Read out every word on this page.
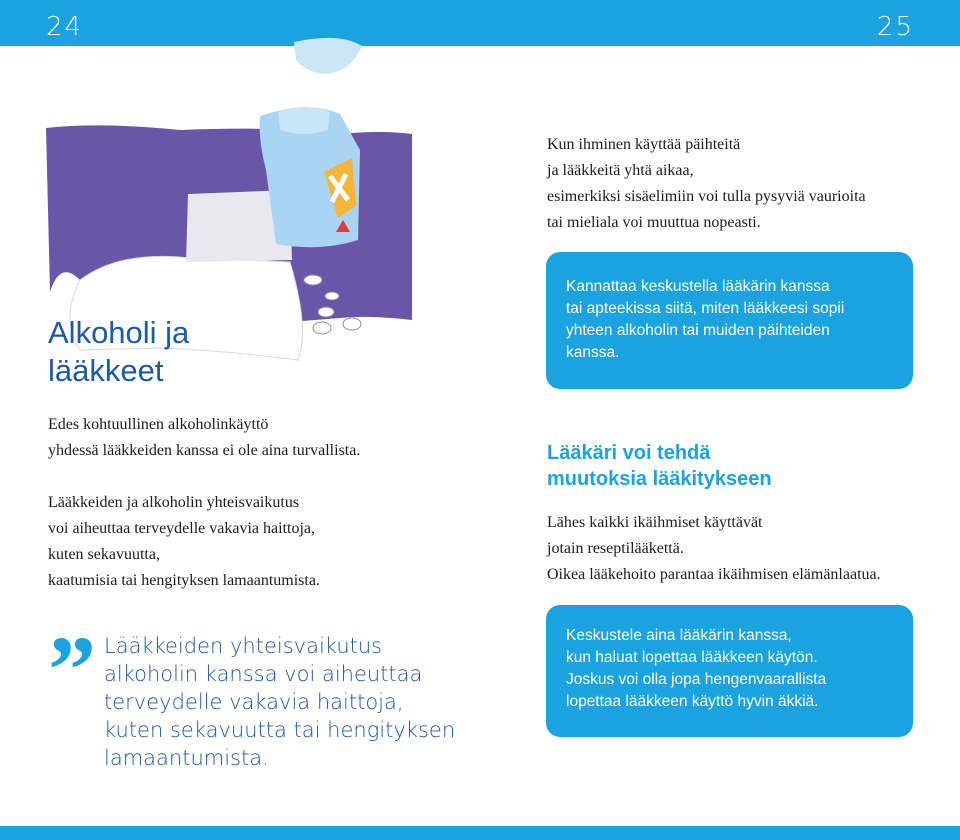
24	25
Alkoholi ja
lääkkeet

Edes kohtuullinen alkoholinkäyttö
yhdessä lääkkeiden kanssa ei ole aina turvallista.

Lääkkeiden ja alkoholin yhteisvaikutus
voi aiheuttaa terveydelle vakavia haittoja,
kuten sekavuutta,
kaatumisia tai hengityksen lamaantumista.

” Lääkkeiden yhteisvaikutus alkoholin kanssa voi aiheuttaa terveydelle vakavia haittoja, kuten sekavuutta tai hengityksen lamaantumista.

Kun ihminen käyttää päihteitä
ja lääkkeitä yhtä aikaa,
esimerkiksi sisäelimiin voi tulla pysyviä vaurioita
tai mieliala voi muuttua nopeasti.

Kannattaa keskustella lääkärin kanssa
tai apteekissa siitä, miten lääkkeesi sopii
yhteen alkoholin tai muiden päihteiden
kanssa.
Lääkäri voi tehdä
muutoksia lääkitykseen

Lähes kaikki ikäihmiset käyttävät
jotain reseptilääkettä.
Oikea lääkehoito parantaa ikäihmisen elämänlaatua.

Keskustele aina lääkärin kanssa,
kun haluat lopettaa lääkkeen käytön.
Joskus voi olla jopa hengenvaarallista
lopettaa lääkkeen käyttö hyvin äkkiä.
